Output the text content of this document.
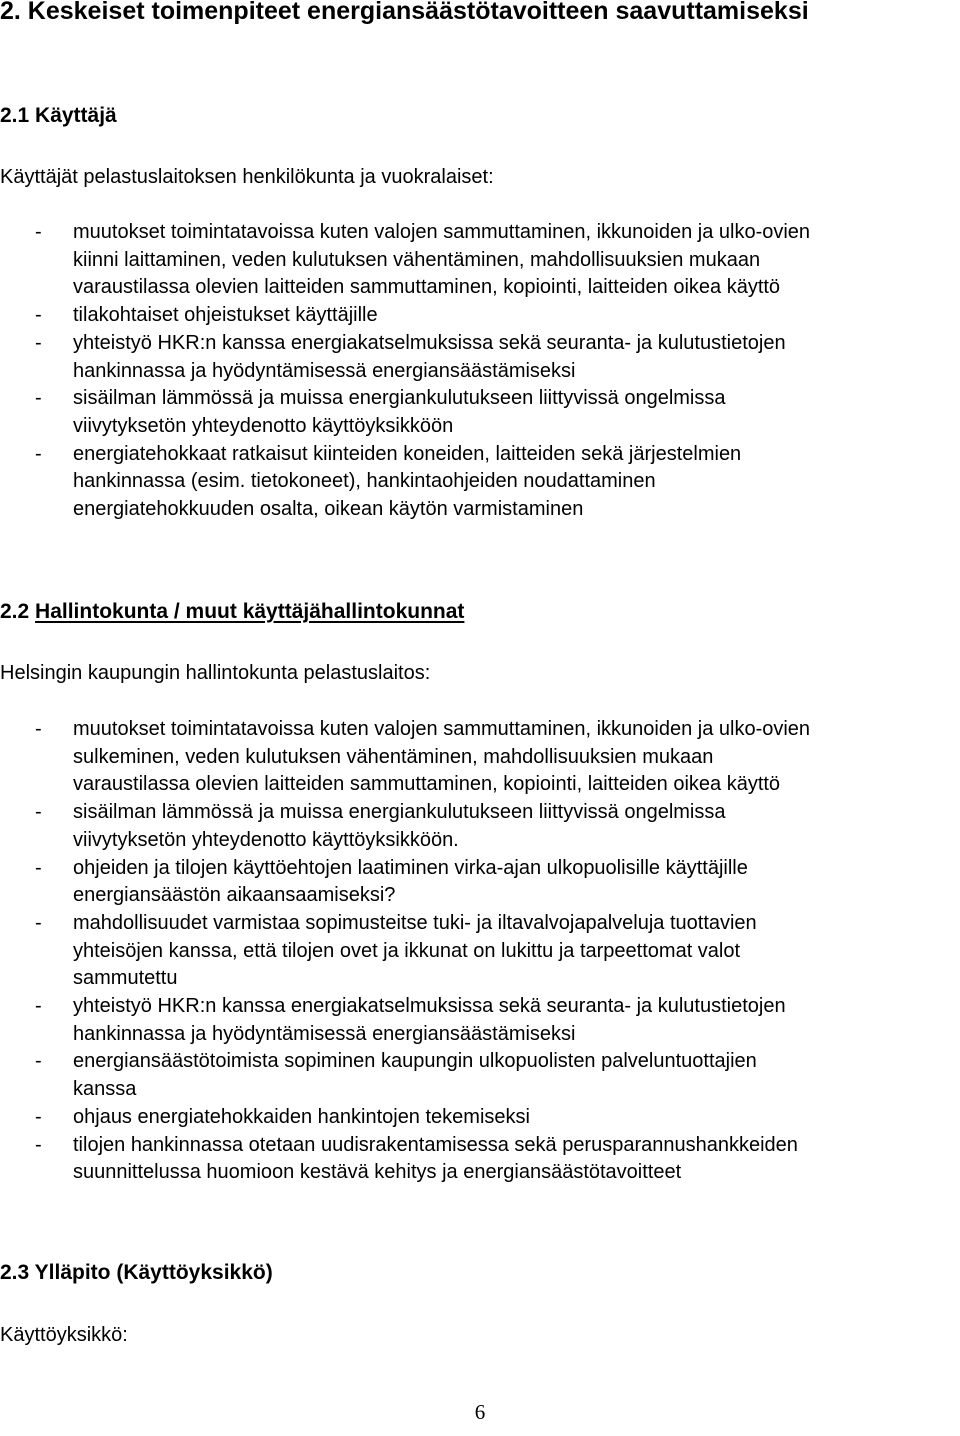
2. Keskeiset toimenpiteet energiansäästötavoitteen saavuttamiseksi
2.1 Käyttäjä

Käyttäjät pelastuslaitoksen henkilökunta ja vuokralaiset:

- muutokset toimintatavoissa kuten valojen sammuttaminen, ikkunoiden ja ulko-ovien
kiinni laittaminen, veden kulutuksen vähentäminen, mahdollisuuksien mukaan
varaustilassa olevien laitteiden sammuttaminen, kopiointi, laitteiden oikea käyttö
- tilakohtaiset ohjeistukset käyttäjille
- yhteistyö HKR:n kanssa energiakatselmuksissa sekä seuranta- ja kulutustietojen
hankinnassa ja hyödyntämisessä energiansäästämiseksi
- sisäilman lämmössä ja muissa energiankulutukseen liittyvissä ongelmissa
viivytyksetön yhteydenotto käyttöyksikköön
- energiatehokkaat ratkaisut kiinteiden koneiden, laitteiden sekä järjestelmien
hankinnassa (esim. tietokoneet), hankintaohjeiden noudattaminen
energiatehokkuuden osalta, oikean käytön varmistaminen
2.2 Hallintokunta / muut käyttäjähallintokunnat

Helsingin kaupungin hallintokunta pelastuslaitos:

- muutokset toimintatavoissa kuten valojen sammuttaminen, ikkunoiden ja ulko-ovien
sulkeminen, veden kulutuksen vähentäminen, mahdollisuuksien mukaan
varaustilassa olevien laitteiden sammuttaminen, kopiointi, laitteiden oikea käyttö
- sisäilman lämmössä ja muissa energiankulutukseen liittyvissä ongelmissa
viivytyksetön yhteydenotto käyttöyksikköön.
- ohjeiden ja tilojen käyttöehtojen laatiminen virka-ajan ulkopuolisille käyttäjille
energiansäästön aikaansaamiseksi?
- mahdollisuudet varmistaa sopimusteitse tuki- ja iltavalvojapalveluja tuottavien
yhteisöjen kanssa, että tilojen ovet ja ikkunat on lukittu ja tarpeettomat valot
sammutettu
- yhteistyö HKR:n kanssa energiakatselmuksissa sekä seuranta- ja kulutustietojen
hankinnassa ja hyödyntämisessä energiansäästämiseksi
- energiansäästötoimista sopiminen kaupungin ulkopuolisten palveluntuottajien
kanssa
- ohjaus energiatehokkaiden hankintojen tekemiseksi
- tilojen hankinnassa otetaan uudisrakentamisessa sekä perusparannushankkeiden
suunnittelussa huomioon kestävä kehitys ja energiansäästötavoitteet
2.3 Ylläpito (Käyttöyksikkö)

Käyttöyksikkö:

6
